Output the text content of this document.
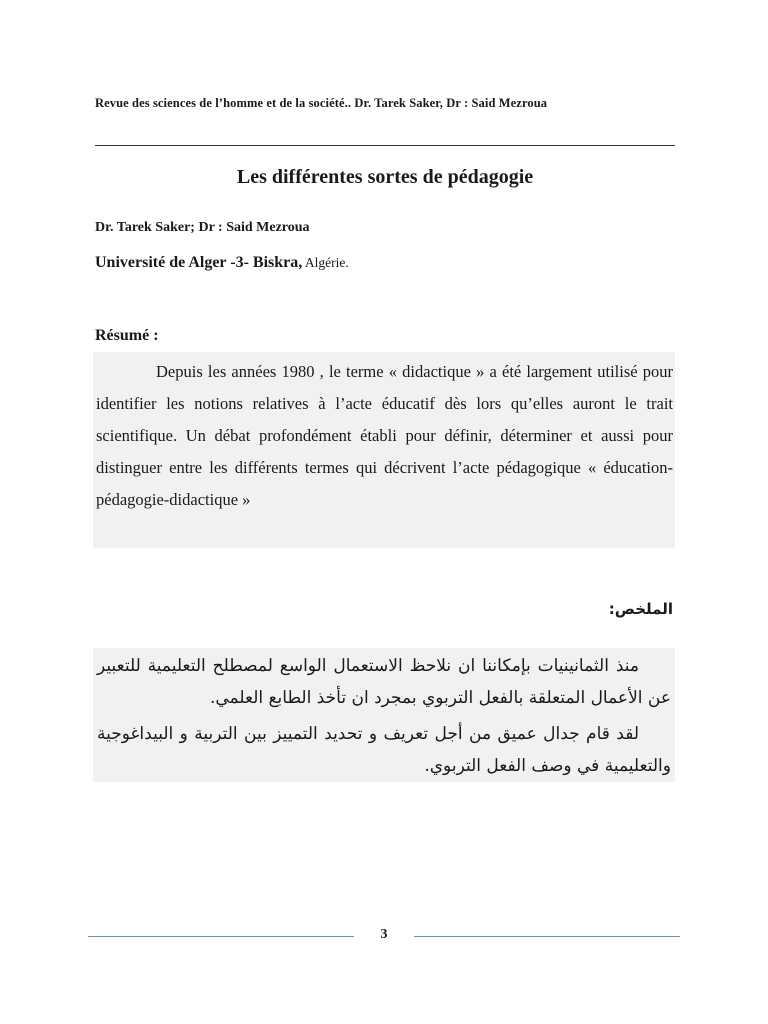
Revue des sciences de l’homme et de la société.. Dr. Tarek Saker, Dr : Said Mezroua
Les différentes sortes de pédagogie
Dr. Tarek Saker; Dr : Said Mezroua
Université de Alger -3- Biskra, Algérie.
Résumé :

Depuis les années 1980 , le terme « didactique » a été largement utilisé pour identifier les notions relatives à l’acte éducatif dès lors qu’elles auront le trait scientifique. Un débat profondément établi pour définir, déterminer et aussi pour distinguer entre les différents termes qui décrivent l’acte pédagogique « éducation-pédagogie-didactique »

الملخص:

منذ الثمانينيات بإمكاننا ان نلاحظ الاستعمال الواسع لمصطلح التعليمية للتعبير عن الأعمال المتعلقة بالفعل التربوي بمجرد ان تأخذ الطابع العلمي.

لقد قام جدال عميق من أجل تعريف و تحديد التمييز بين التربية و البيداغوجية والتعليمية في وصف الفعل التربوي.

3
